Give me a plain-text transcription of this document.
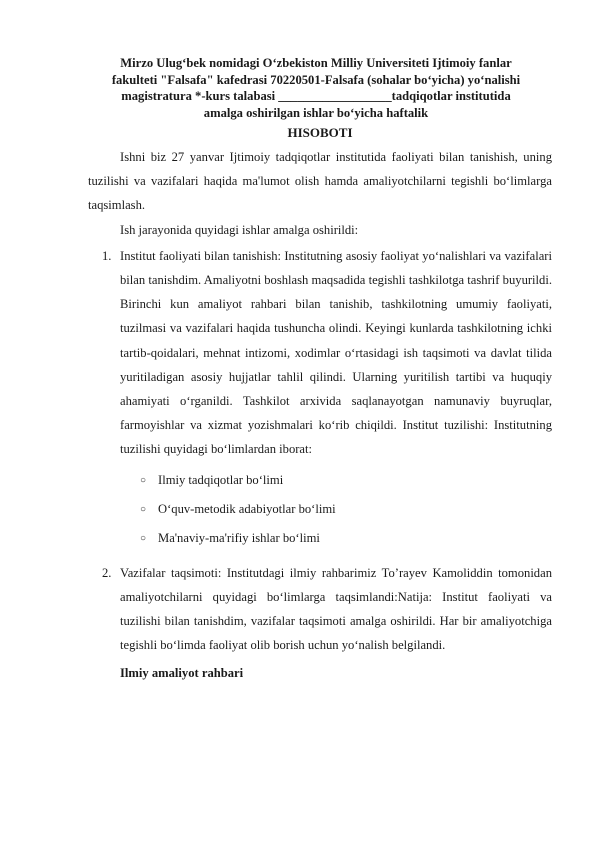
Mirzo Ulug‘bek nomidagi O‘zbekiston Milliy Universiteti Ijtimoiy fanlar
fakulteti "Falsafa" kafedrasi 70220501-Falsafa (sohalar bo‘yicha) yo‘nalishi
magistratura *-kurs talabasi __________________tadqiqotlar institutida
amalga oshirilgan ishlar bo‘yicha haftalik
HISOBOTI

Ishni biz 27 yanvar Ijtimoiy tadqiqotlar institutida faoliyati bilan tanishish, uning tuzilishi va vazifalari haqida ma'lumot olish hamda amaliyotchilarni tegishli bo‘limlarga taqsimlash.

Ish jarayonida quyidagi ishlar amalga oshirildi:

1. Institut faoliyati bilan tanishish: Institutning asosiy faoliyat yo‘nalishlari va vazifalari bilan tanishdim. Amaliyotni boshlash maqsadida tegishli tashkilotga tashrif buyurildi. Birinchi kun amaliyot rahbari bilan tanishib, tashkilotning umumiy faoliyati, tuzilmasi va vazifalari haqida tushuncha olindi. Keyingi kunlarda tashkilotning ichki tartib-qoidalari, mehnat intizomi, xodimlar o‘rtasidagi ish taqsimoti va davlat tilida yuritiladigan asosiy hujjatlar tahlil qilindi. Ularning yuritilish tartibi va huquqiy ahamiyati o‘rganildi. Tashkilot arxivida saqlanayotgan namunaviy buyruqlar, farmoyishlar va xizmat yozishmalari ko‘rib chiqildi. Institut tuzilishi: Institutning tuzilishi quyidagi bo‘limlardan iborat:
○ Ilmiy tadqiqotlar bo‘limi
○ O‘quv-metodik adabiyotlar bo‘limi
○ Ma'naviy-ma'rifiy ishlar bo‘limi
2. Vazifalar taqsimoti: Institutdagi ilmiy rahbarimiz To’rayev Kamoliddin tomonidan amaliyotchilarni quyidagi bo‘limlarga taqsimlandi:Natija: Institut faoliyati va tuzilishi bilan tanishdim, vazifalar taqsimoti amalga oshirildi. Har bir amaliyotchiga tegishli bo‘limda faoliyat olib borish uchun yo‘nalish belgilandi.
Ilmiy amaliyot rahbari
